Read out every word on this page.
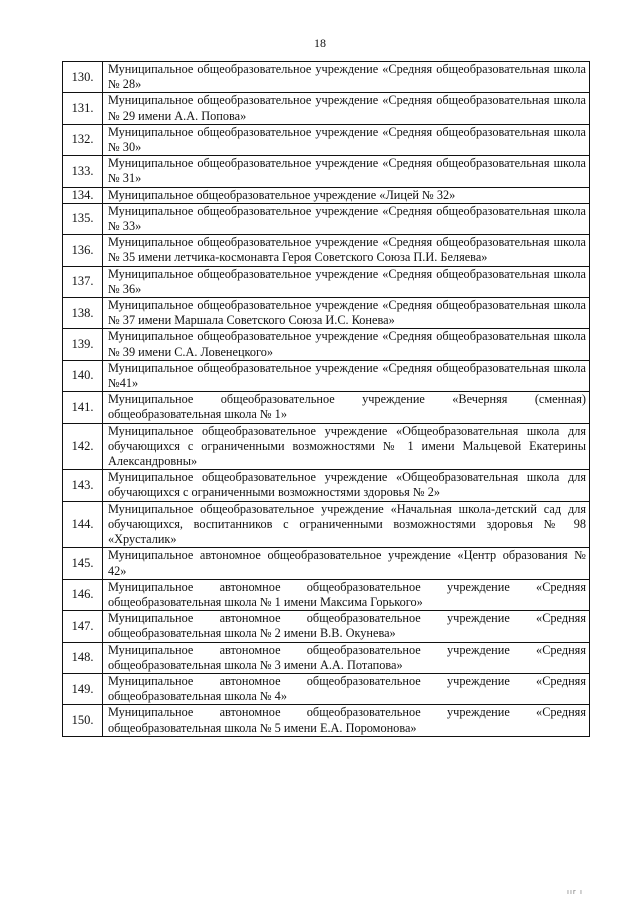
18
130.	Муниципальное общеобразовательное учреждение «Средняя общеобразовательная школа № 28»
131.	Муниципальное общеобразовательное учреждение «Средняя общеобразовательная школа № 29 имени А.А. Попова»
132.	Муниципальное общеобразовательное учреждение «Средняя общеобразовательная школа № 30»
133.	Муниципальное общеобразовательное учреждение «Средняя общеобразовательная школа № 31»
134.	Муниципальное общеобразовательное учреждение «Лицей № 32»
135.	Муниципальное общеобразовательное учреждение «Средняя общеобразовательная школа № 33»
136.	Муниципальное общеобразовательное учреждение «Средняя общеобразовательная школа № 35 имени летчика-космонавта Героя Советского Союза П.И. Беляева»
137.	Муниципальное общеобразовательное учреждение «Средняя общеобразовательная школа № 36»
138.	Муниципальное общеобразовательное учреждение «Средняя общеобразовательная школа № 37 имени Маршала Советского Союза И.С. Конева»
139.	Муниципальное общеобразовательное учреждение «Средняя общеобразовательная школа № 39 имени С.А. Ловенецкого»
140.	Муниципальное общеобразовательное учреждение «Средняя общеобразовательная школа №41»
141.	Муниципальное общеобразовательное учреждение «Вечерняя (сменная) общеобразовательная школа № 1»
142.	Муниципальное общеобразовательное учреждение «Общеобразовательная школа для обучающихся с ограниченными возможностями № 1 имени Мальцевой Екатерины Александровны»
143.	Муниципальное общеобразовательное учреждение «Общеобразовательная школа для обучающихся с ограниченными возможностями здоровья № 2»
144.	Муниципальное общеобразовательное учреждение «Начальная школа-детский сад для обучающихся, воспитанников с ограниченными возможностями здоровья № 98 «Хрусталик»
145.	Муниципальное автономное общеобразовательное учреждение «Центр образования № 42»
146.	Муниципальное автономное общеобразовательное учреждение «Средняя общеобразовательная школа № 1 имени Максима Горького»
147.	Муниципальное автономное общеобразовательное учреждение «Средняя общеобразовательная школа № 2 имени В.В. Окунева»
148.	Муниципальное автономное общеобразовательное учреждение «Средняя общеобразовательная школа № 3 имени А.А. Потапова»
149.	Муниципальное автономное общеобразовательное учреждение «Средняя общеобразовательная школа № 4»
150.	Муниципальное автономное общеобразовательное учреждение «Средняя общеобразовательная школа № 5 имени Е.А. Поромонова»
ıır ı
